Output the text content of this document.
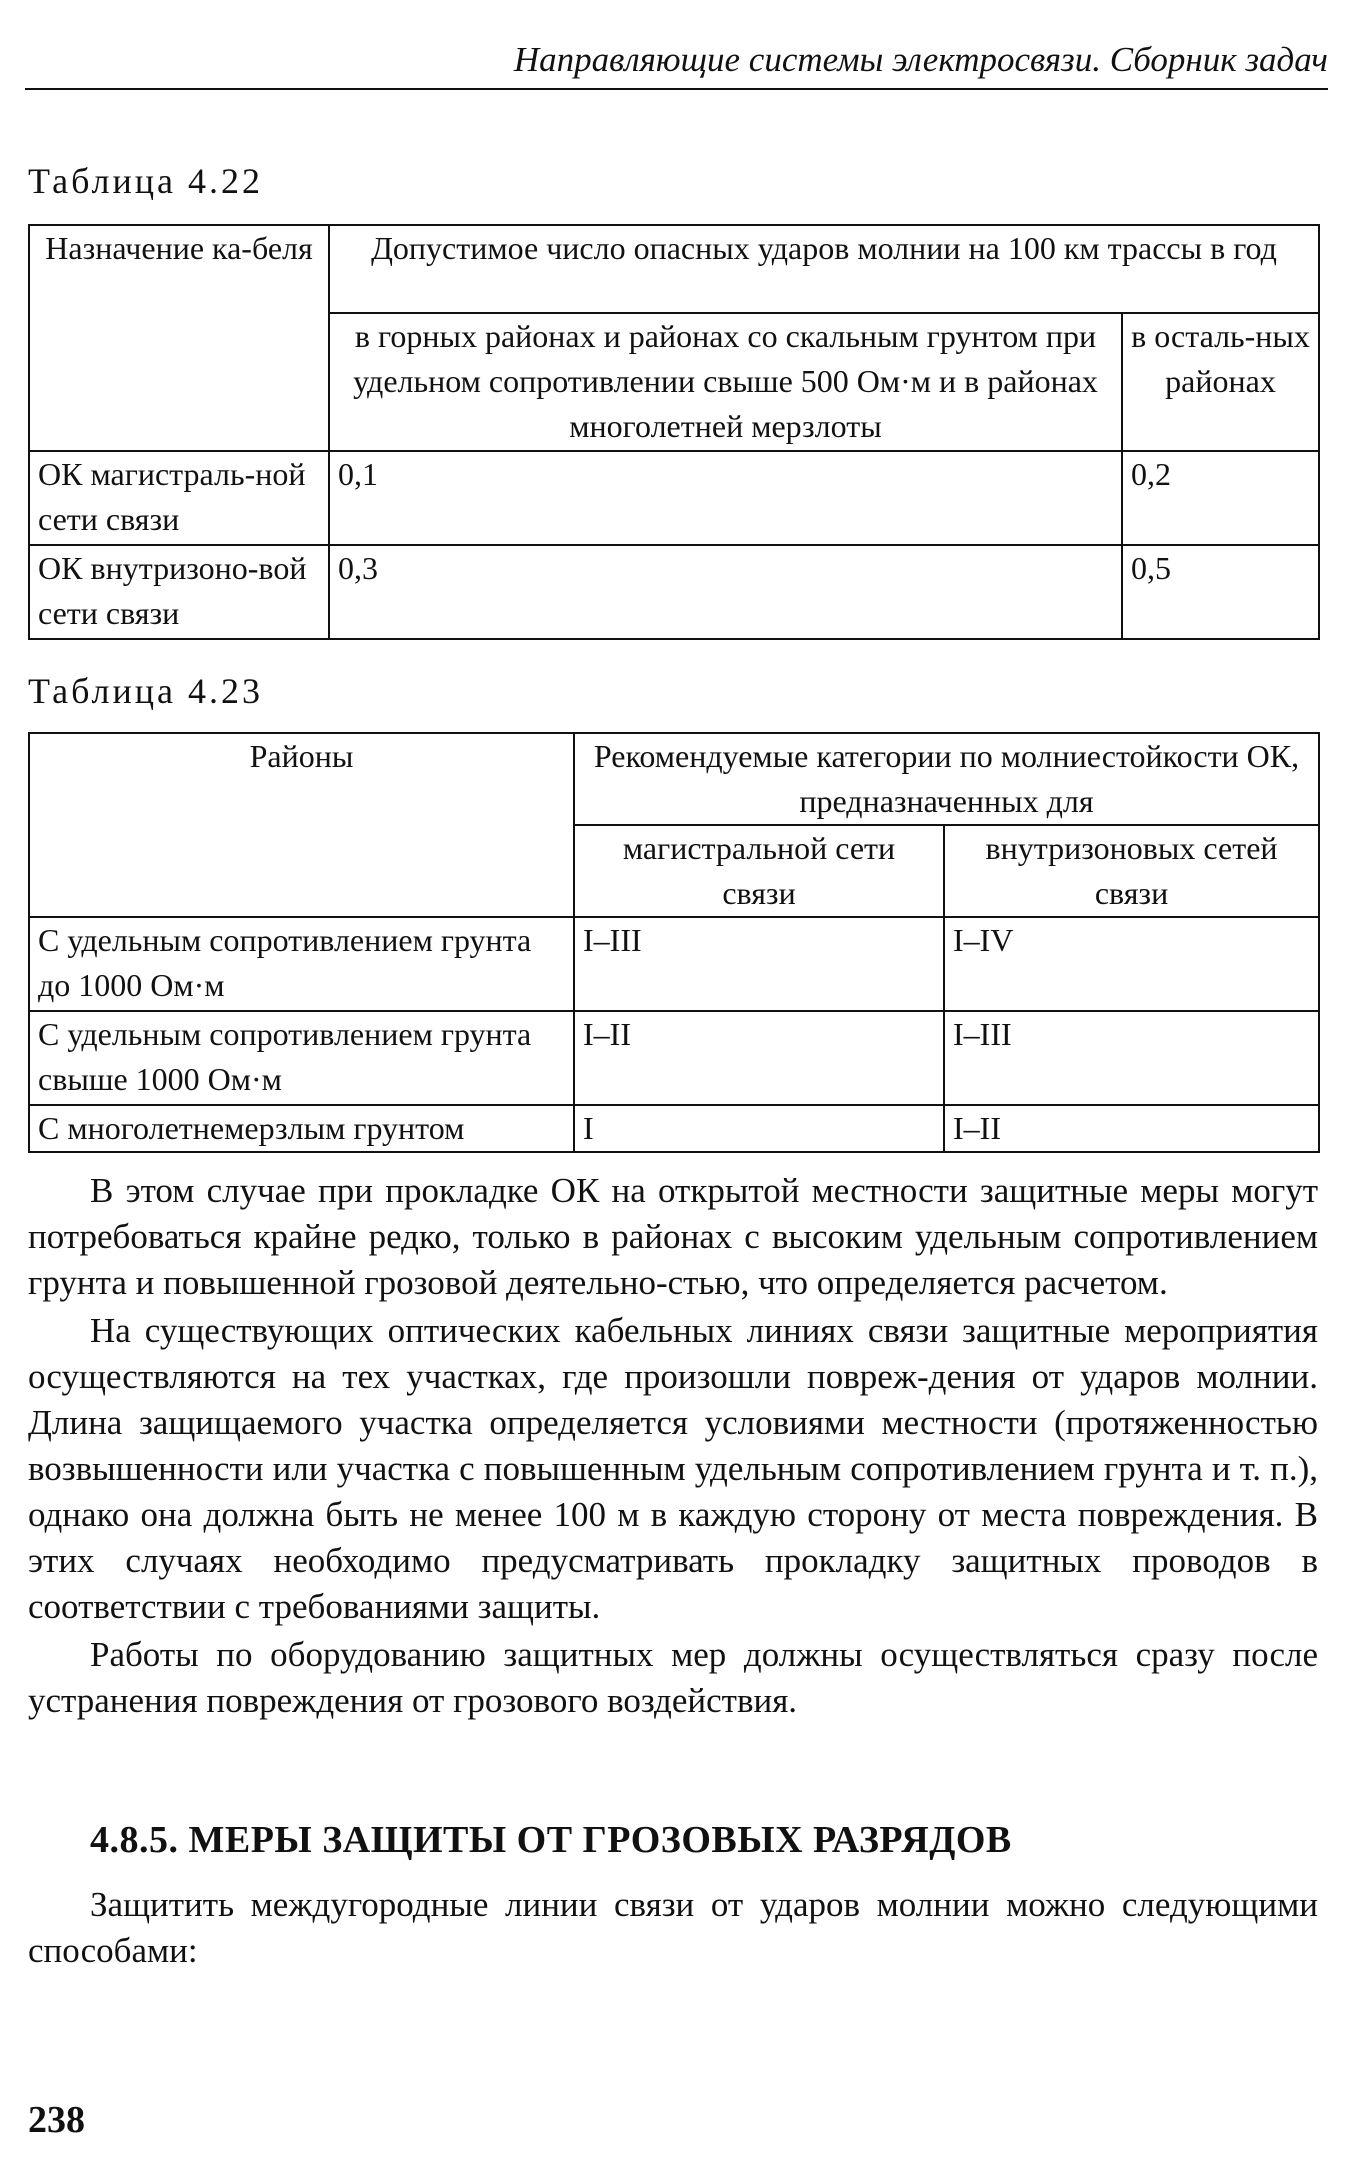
Направляющие системы электросвязи. Сборник задач
Таблица 4.22
Назначение ка-беля	Допустимое число опасных ударов молнии на 100 км трассы в год	
	в горных районах и районах со скальным грунтом при удельном сопротивлении свыше 500 Ом·м и в районах многолетней мерзлоты	в осталь-ных районах
ОК магистраль-ной сети связи	0,1	0,2
ОК внутризоно-вой сети связи	0,3	0,5
Таблица 4.23
Районы	Рекомендуемые категории по молниестойкости ОК, предназначенных для	
	магистральной сети связи	внутризоновых сетей связи
С удельным сопротивлением грунта до 1000 Ом·м	I–III	I–IV
С удельным сопротивлением грунта свыше 1000 Ом·м	I–II	I–III
С многолетнемерзлым грунтом	I	I–II

В этом случае при прокладке ОК на открытой местности защитные меры могут потребоваться крайне редко, только в районах с высоким удельным сопротивлением грунта и повышенной грозовой деятельно-стью, что определяется расчетом.

На существующих оптических кабельных линиях связи защитные мероприятия осуществляются на тех участках, где произошли повреж-дения от ударов молнии. Длина защищаемого участка определяется условиями местности (протяженностью возвышенности или участка с повышенным удельным сопротивлением грунта и т. п.), однако она должна быть не менее 100 м в каждую сторону от места повреждения. В этих случаях необходимо предусматривать прокладку защитных проводов в соответствии с требованиями защиты.

Работы по оборудованию защитных мер должны осуществляться сразу после устранения повреждения от грозового воздействия.

4.8.5. МЕРЫ ЗАЩИТЫ ОТ ГРОЗОВЫХ РАЗРЯДОВ

Защитить междугородные линии связи от ударов молнии можно следующими способами:

238
